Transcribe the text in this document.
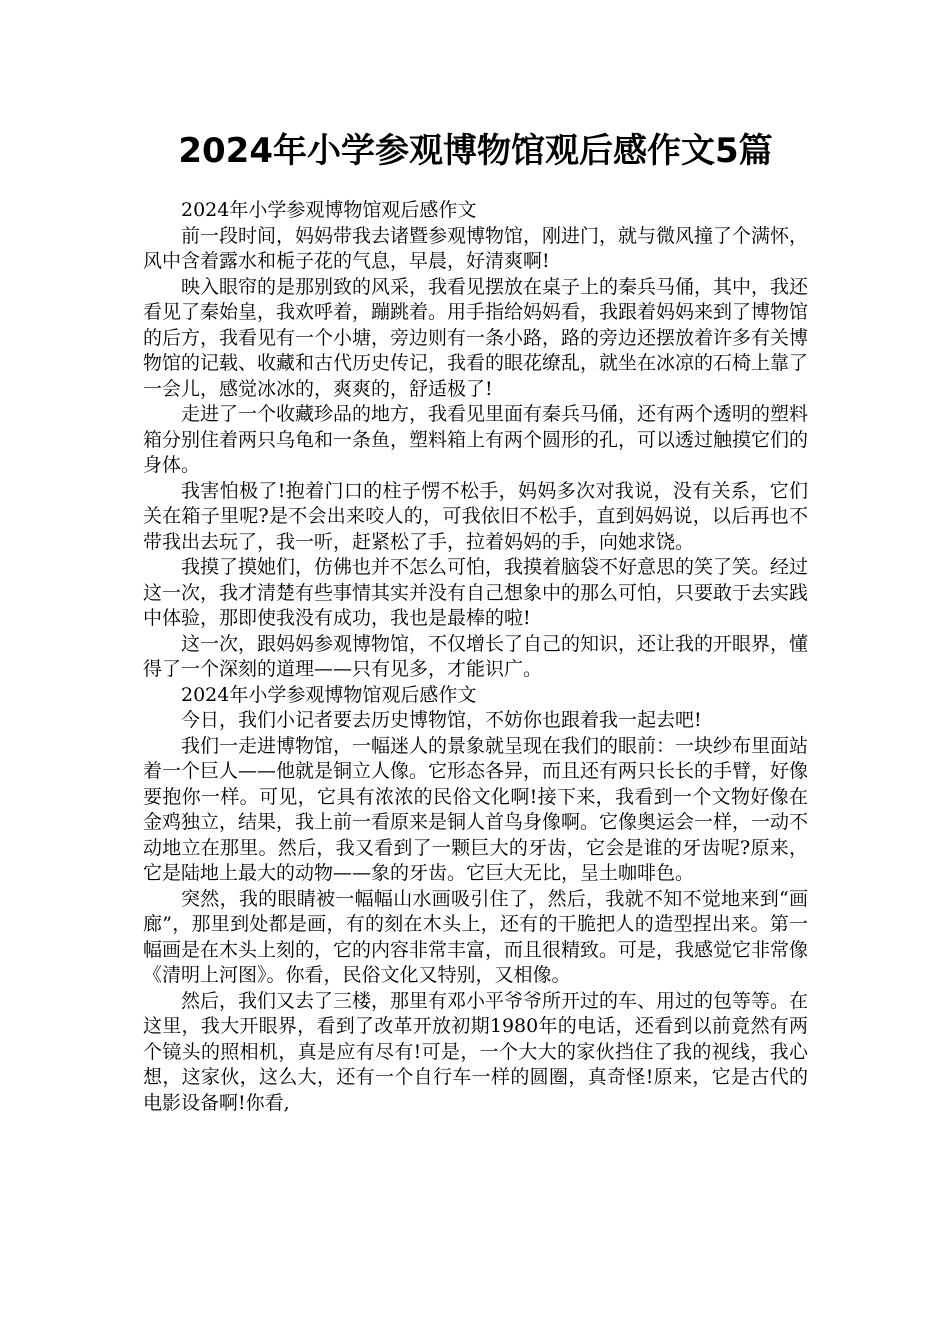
2024年小学参观博物馆观后感作文5篇

2024年小学参观博物馆观后感作文

前一段时间，妈妈带我去诸暨参观博物馆，刚进门，就与微风撞了个满怀，风中含着露水和栀子花的气息，早晨，好清爽啊!

映入眼帘的是那别致的风采，我看见摆放在桌子上的秦兵马俑，其中，我还看见了秦始皇，我欢呼着，蹦跳着。用手指给妈妈看，我跟着妈妈来到了博物馆的后方，我看见有一个小塘，旁边则有一条小路，路的旁边还摆放着许多有关博物馆的记载、收藏和古代历史传记，我看的眼花缭乱，就坐在冰凉的石椅上靠了一会儿，感觉冰冰的，爽爽的，舒适极了!

走进了一个收藏珍品的地方，我看见里面有秦兵马俑，还有两个透明的塑料箱分别住着两只乌龟和一条鱼，塑料箱上有两个圆形的孔，可以透过触摸它们的身体。

我害怕极了!抱着门口的柱子愣不松手，妈妈多次对我说，没有关系，它们关在箱子里呢?是不会出来咬人的，可我依旧不松手，直到妈妈说，以后再也不带我出去玩了，我一听，赶紧松了手，拉着妈妈的手，向她求饶。

我摸了摸她们，仿佛也并不怎么可怕，我摸着脑袋不好意思的笑了笑。经过这一次，我才清楚有些事情其实并没有自己想象中的那么可怕，只要敢于去实践中体验，那即使我没有成功，我也是最棒的啦!

这一次，跟妈妈参观博物馆，不仅增长了自己的知识，还让我的开眼界，懂得了一个深刻的道理——只有见多，才能识广。

2024年小学参观博物馆观后感作文

今日，我们小记者要去历史博物馆，不妨你也跟着我一起去吧!

我们一走进博物馆，一幅迷人的景象就呈现在我们的眼前：一块纱布里面站着一个巨人——他就是铜立人像。它形态各异，而且还有两只长长的手臂，好像要抱你一样。可见，它具有浓浓的民俗文化啊!接下来，我看到一个文物好像在金鸡独立，结果，我上前一看原来是铜人首鸟身像啊。它像奥运会一样，一动不动地立在那里。然后，我又看到了一颗巨大的牙齿，它会是谁的牙齿呢?原来，它是陆地上最大的动物——象的牙齿。它巨大无比，呈土咖啡色。

突然，我的眼睛被一幅幅山水画吸引住了，然后，我就不知不觉地来到“画廊”，那里到处都是画，有的刻在木头上，还有的干脆把人的造型捏出来。第一幅画是在木头上刻的，它的内容非常丰富，而且很精致。可是，我感觉它非常像《清明上河图》。你看，民俗文化又特别，又相像。

然后，我们又去了三楼，那里有邓小平爷爷所开过的车、用过的包等等。在这里，我大开眼界，看到了改革开放初期1980年的电话，还看到以前竟然有两个镜头的照相机，真是应有尽有!可是，一个大大的家伙挡住了我的视线，我心想，这家伙，这么大，还有一个自行车一样的圆圈，真奇怪!原来，它是古代的电影设备啊!你看,
